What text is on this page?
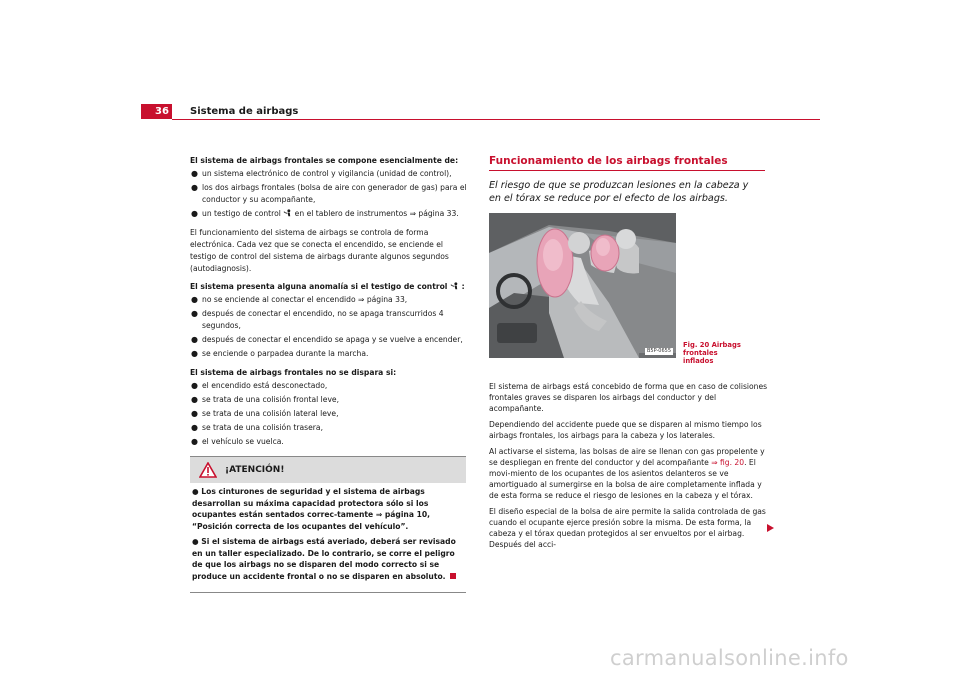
36 Sistema de airbags

El sistema de airbags frontales se compone esencialmente de:

● un sistema electrónico de control y vigilancia (unidad de control),
● los dos airbags frontales (bolsa de aire con generador de gas) para el conductor y su acompañante,
● un testigo de control  en el tablero de instrumentos ⇒ página 33.

El funcionamiento del sistema de airbags se controla de forma electrónica. Cada vez que se conecta el encendido, se enciende el testigo de control del sistema de airbags durante algunos segundos (autodiagnosis).

El sistema presenta alguna anomalía si el testigo de control  :

● no se enciende al conectar el encendido ⇒ página 33,
● después de conectar el encendido, no se apaga transcurridos 4 segundos,
● después de conectar el encendido se apaga y se vuelve a encender,
● se enciende o parpadea durante la marcha.

El sistema de airbags frontales no se dispara si:

● el encendido está desconectado,
● se trata de una colisión frontal leve,
● se trata de una colisión lateral leve,
● se trata de una colisión trasera,
● el vehículo se vuelca.
¡ATENCIÓN!
● Los cinturones de seguridad y el sistema de airbags desarrollan su máxima capacidad protectora sólo si los ocupantes están sentados correc-tamente ⇒ página 10, “Posición correcta de los ocupantes del vehículo”.
● Si el sistema de airbags está averiado, deberá ser revisado en un taller especializado. De lo contrario, se corre el peligro de que los airbags no se disparen del modo correcto si se produce un accidente frontal o no se disparen en absoluto.
Funcionamiento de los airbags frontales
El riesgo de que se produzcan lesiones en la cabeza y en el tórax se reduce por el efecto de los airbags.
B5P-0655
Fig. 20 Airbags frontales
inflados

El sistema de airbags está concebido de forma que en caso de colisiones frontales graves se disparen los airbags del conductor y del acompañante.

Dependiendo del accidente puede que se disparen al mismo tiempo los airbags frontales, los airbags para la cabeza y los laterales.

Al activarse el sistema, las bolsas de aire se llenan con gas propelente y se despliegan en frente del conductor y del acompañante ⇒ fig. 20. El movi-miento de los ocupantes de los asientos delanteros se ve amortiguado al sumergirse en la bolsa de aire completamente inflada y de esta forma se reduce el riesgo de lesiones en la cabeza y el tórax.

El diseño especial de la bolsa de aire permite la salida controlada de gas cuando el ocupante ejerce presión sobre la misma. De esta forma, la cabeza y el tórax quedan protegidos al ser envueltos por el airbag. Después del acci-

carmanualsonline.info
